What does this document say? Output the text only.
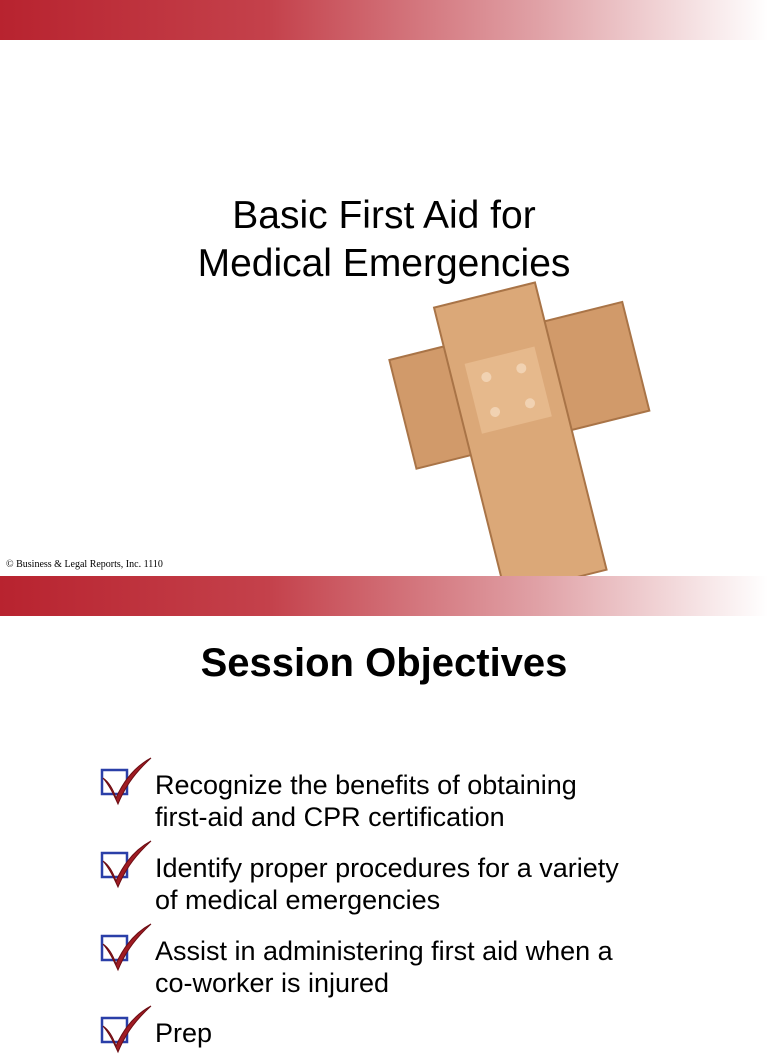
Basic First Aid for
Medical Emergencies
© Business & Legal Reports, Inc. 1110
Session Objectives
Recognize the benefits of obtaining
first-aid and CPR certification
Identify proper procedures for a variety
of medical emergencies
Assist in administering first aid when a
co-worker is injured
Prep
